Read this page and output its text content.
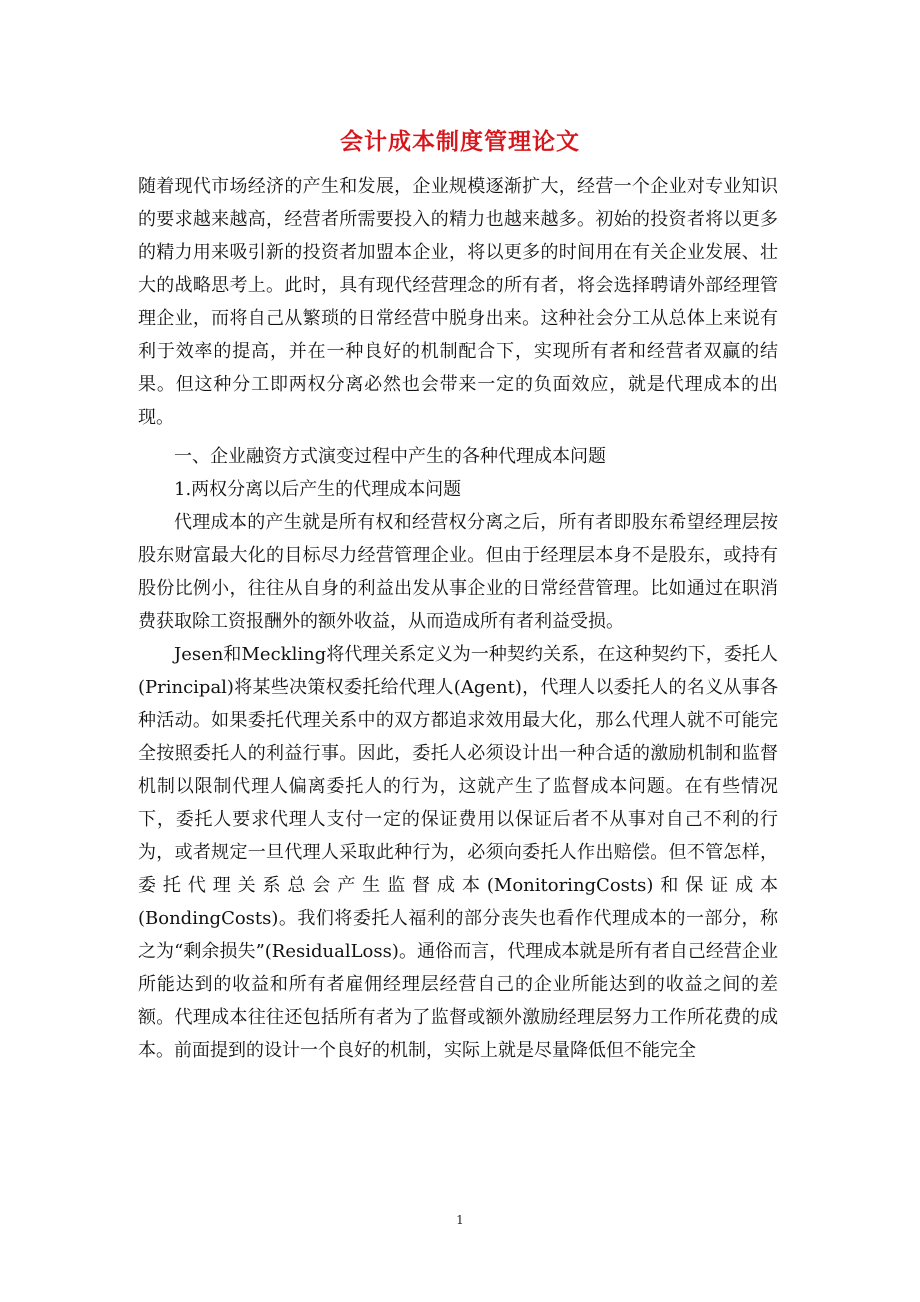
会计成本制度管理论文

随着现代市场经济的产生和发展，企业规模逐渐扩大，经营一个企业对专业知识的要求越来越高，经营者所需要投入的精力也越来越多。初始的投资者将以更多的精力用来吸引新的投资者加盟本企业，将以更多的时间用在有关企业发展、壮大的战略思考上。此时，具有现代经营理念的所有者，将会选择聘请外部经理管理企业，而将自己从繁琐的日常经营中脱身出来。这种社会分工从总体上来说有利于效率的提高，并在一种良好的机制配合下，实现所有者和经营者双赢的结果。但这种分工即两权分离必然也会带来一定的负面效应，就是代理成本的出现。

一、企业融资方式演变过程中产生的各种代理成本问题

1.两权分离以后产生的代理成本问题

代理成本的产生就是所有权和经营权分离之后，所有者即股东希望经理层按股东财富最大化的目标尽力经营管理企业。但由于经理层本身不是股东，或持有股份比例小，往往从自身的利益出发从事企业的日常经营管理。比如通过在职消费获取除工资报酬外的额外收益，从而造成所有者利益受损。

Jesen和Meckling将代理关系定义为一种契约关系，在这种契约下，委托人(Principal)将某些决策权委托给代理人(Agent)，代理人以委托人的名义从事各种活动。如果委托代理关系中的双方都追求效用最大化，那么代理人就不可能完全按照委托人的利益行事。因此，委托人必须设计出一种合适的激励机制和监督机制以限制代理人偏离委托人的行为，这就产生了监督成本问题。在有些情况下，委托人要求代理人支付一定的保证费用以保证后者不从事对自己不利的行为，或者规定一旦代理人采取此种行为，必须向委托人作出赔偿。但不管怎样，委托代理关系总会产生监督成本(MonitoringCosts)和保证成本(BondingCosts)。我们将委托人福利的部分丧失也看作代理成本的一部分，称之为“剩余损失”(ResidualLoss)。通俗而言，代理成本就是所有者自己经营企业所能达到的收益和所有者雇佣经理层经营自己的企业所能达到的收益之间的差额。代理成本往往还包括所有者为了监督或额外激励经理层努力工作所花费的成本。前面提到的设计一个良好的机制，实际上就是尽量降低但不能完全

1
